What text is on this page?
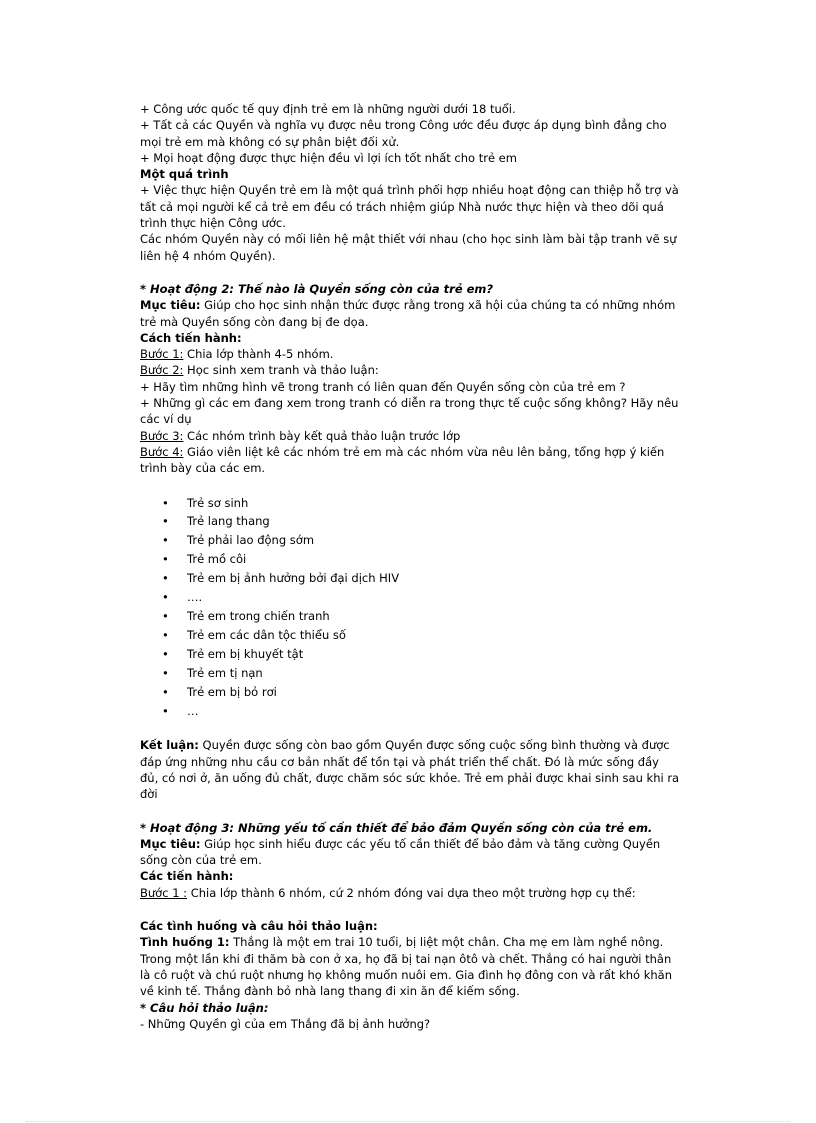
+ Công ước quốc tế quy định trẻ em là những người dưới 18 tuổi.

+ Tất cả các Quyền và nghĩa vụ được nêu trong Công ước đều được áp dụng bình đẳng cho mọi trẻ em mà không có sự phân biệt đối xử.

+ Mọi hoạt động được thực hiện đều vì lợi ích tốt nhất cho trẻ em

Một quá trình

+ Việc thực hiện Quyền trẻ em là một quá trình phối hợp nhiều hoạt động can thiệp hỗ trợ và tất cả mọi người kể cả trẻ em đều có trách nhiệm giúp Nhà nước thực hiện và theo dõi quá trình thực hiện Công ước.

Các nhóm Quyền này có mối liên hệ mật thiết với nhau (cho học sinh làm bài tập tranh vẽ sự liên hệ 4 nhóm Quyền).

* Hoạt động 2: Thế nào là Quyền sống còn của trẻ em?

Mục tiêu: Giúp cho học sinh nhận thức được rằng trong xã hội của chúng ta có những nhóm trẻ mà Quyền sống còn đang bị đe dọa.

Cách tiến hành:

Bước 1: Chia lớp thành 4-5 nhóm.

Bước 2: Học sinh xem tranh và thảo luận:

+ Hãy tìm những hình vẽ trong tranh có liên quan đến Quyền sống còn của trẻ em ?

+ Những gì các em đang xem trong tranh có diễn ra trong thực tế cuộc sống không? Hãy nêu các ví dụ

Bước 3: Các nhóm trình bày kết quả thảo luận trước lớp

Bước 4: Giáo viên liệt kê các nhóm trẻ em mà các nhóm vừa nêu lên bảng, tổng hợp ý kiến trình bày của các em.

• Trẻ sơ sinh
• Trẻ lang thang
• Trẻ phải lao động sớm
• Trẻ mồ côi
• Trẻ em bị ảnh hưởng bởi đại dịch HIV
• ….
• Trẻ em trong chiến tranh
• Trẻ em các dân tộc thiểu số
• Trẻ em bị khuyết tật
• Trẻ em tị nạn
• Trẻ em bị bỏ rơi
• …

Kết luận: Quyền được sống còn bao gồm Quyền được sống cuộc sống bình thường và được đáp ứng những nhu cầu cơ bản nhất để tồn tại và phát triển thể chất. Đó là mức sống đầy đủ, có nơi ở, ăn uống đủ chất, được chăm sóc sức khỏe. Trẻ em phải được khai sinh sau khi ra đời

* Hoạt động 3: Những yếu tố cần thiết để bảo đảm Quyền sống còn của trẻ em.

Mục tiêu: Giúp học sinh hiểu được các yếu tố cần thiết để bảo đảm và tăng cường Quyền sống còn của trẻ em.

Các tiến hành:

Bước 1 : Chia lớp thành 6 nhóm, cứ 2 nhóm đóng vai dựa theo một trường hợp cụ thể:

Các tình huống và câu hỏi thảo luận:

Tình huống 1: Thắng là một em trai 10 tuổi, bị liệt một chân. Cha mẹ em làm nghề nông. Trong một lần khi đi thăm bà con ở xa, họ đã bị tai nạn ôtô và chết. Thắng có hai người thân là cô ruột và chú ruột nhưng họ không muốn nuôi em. Gia đình họ đông con và rất khó khăn về kinh tế. Thắng đành bỏ nhà lang thang đi xin ăn để kiếm sống.

* Câu hỏi thảo luận:

- Những Quyền gì của em Thắng đã bị ảnh hưởng?
